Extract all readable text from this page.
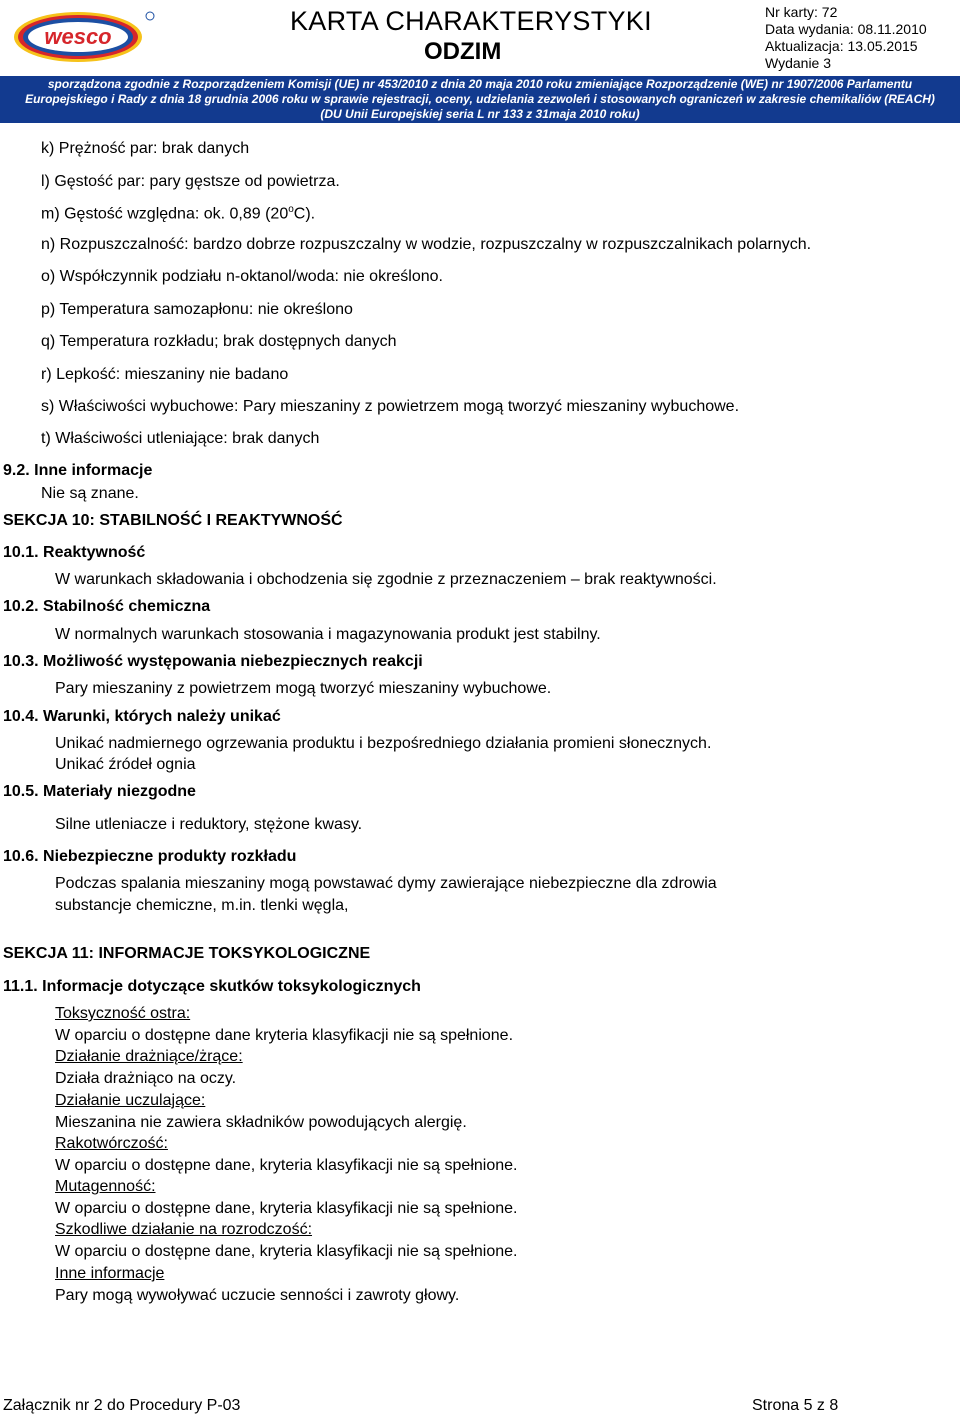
wesco
KARTA CHARAKTERYSTYKI
ODZIM
Nr karty: 72
Data wydania: 08.11.2010
Aktualizacja: 13.05.2015
Wydanie 3
sporządzona zgodnie z Rozporządzeniem Komisji (UE) nr 453/2010 z dnia 20 maja 2010 roku zmieniające Rozporządzenie (WE) nr 1907/2006 Parlamentu
Europejskiego i Rady z dnia 18 grudnia 2006 roku w sprawie rejestracji, oceny, udzielania zezwoleń i stosowanych ograniczeń w zakresie chemikaliów (REACH)
(DU Unii Europejskiej seria L nr 133 z 31maja 2010 roku)
k) Prężność par: brak danych
l) Gęstość par: pary gęstsze od powietrza.
m) Gęstość względna: ok. 0,89 (20$^o$C).
n) Rozpuszczalność: bardzo dobrze rozpuszczalny w wodzie, rozpuszczalny w rozpuszczalnikach polarnych.
o) Współczynnik podziału n-oktanol/woda: nie określono.
p) Temperatura samozapłonu: nie określono
q) Temperatura rozkładu; brak dostępnych danych
r) Lepkość: mieszaniny nie badano
s) Właściwości wybuchowe: Pary mieszaniny z powietrzem mogą tworzyć mieszaniny wybuchowe.
t) Właściwości utleniające: brak danych
9.2. Inne informacje
Nie są znane.
SEKCJA 10: STABILNOŚĆ I REAKTYWNOŚĆ
10.1. Reaktywność
W warunkach składowania i obchodzenia się zgodnie z przeznaczeniem – brak reaktywności.
10.2. Stabilność chemiczna
W normalnych warunkach stosowania i magazynowania produkt jest stabilny.
10.3. Możliwość występowania niebezpiecznych reakcji
Pary mieszaniny z powietrzem mogą tworzyć mieszaniny wybuchowe.
10.4. Warunki, których należy unikać
Unikać nadmiernego ogrzewania produktu i bezpośredniego działania promieni słonecznych.
Unikać źródeł ognia
10.5. Materiały niezgodne
Silne utleniacze i reduktory, stężone kwasy.
10.6. Niebezpieczne produkty rozkładu
Podczas spalania mieszaniny mogą powstawać dymy zawierające niebezpieczne dla zdrowia
substancje chemiczne, m.in. tlenki węgla,
SEKCJA 11: INFORMACJE TOKSYKOLOGICZNE
11.1. Informacje dotyczące skutków toksykologicznych
Toksyczność ostra:
W oparciu o dostępne dane kryteria klasyfikacji nie są spełnione.
Działanie drażniące/żrące:
Działa drażniąco na oczy.
Działanie uczulające:
Mieszanina nie zawiera składników powodujących alergię.
Rakotwórczość:
W oparciu o dostępne dane, kryteria klasyfikacji nie są spełnione.
Mutagenność:
W oparciu o dostępne dane, kryteria klasyfikacji nie są spełnione.
Szkodliwe działanie na rozrodczość:
W oparciu o dostępne dane, kryteria klasyfikacji nie są spełnione.
Inne informacje
Pary mogą wywoływać uczucie senności i zawroty głowy.
Załącznik nr 2 do Procedury P-03	Strona 5 z 8
